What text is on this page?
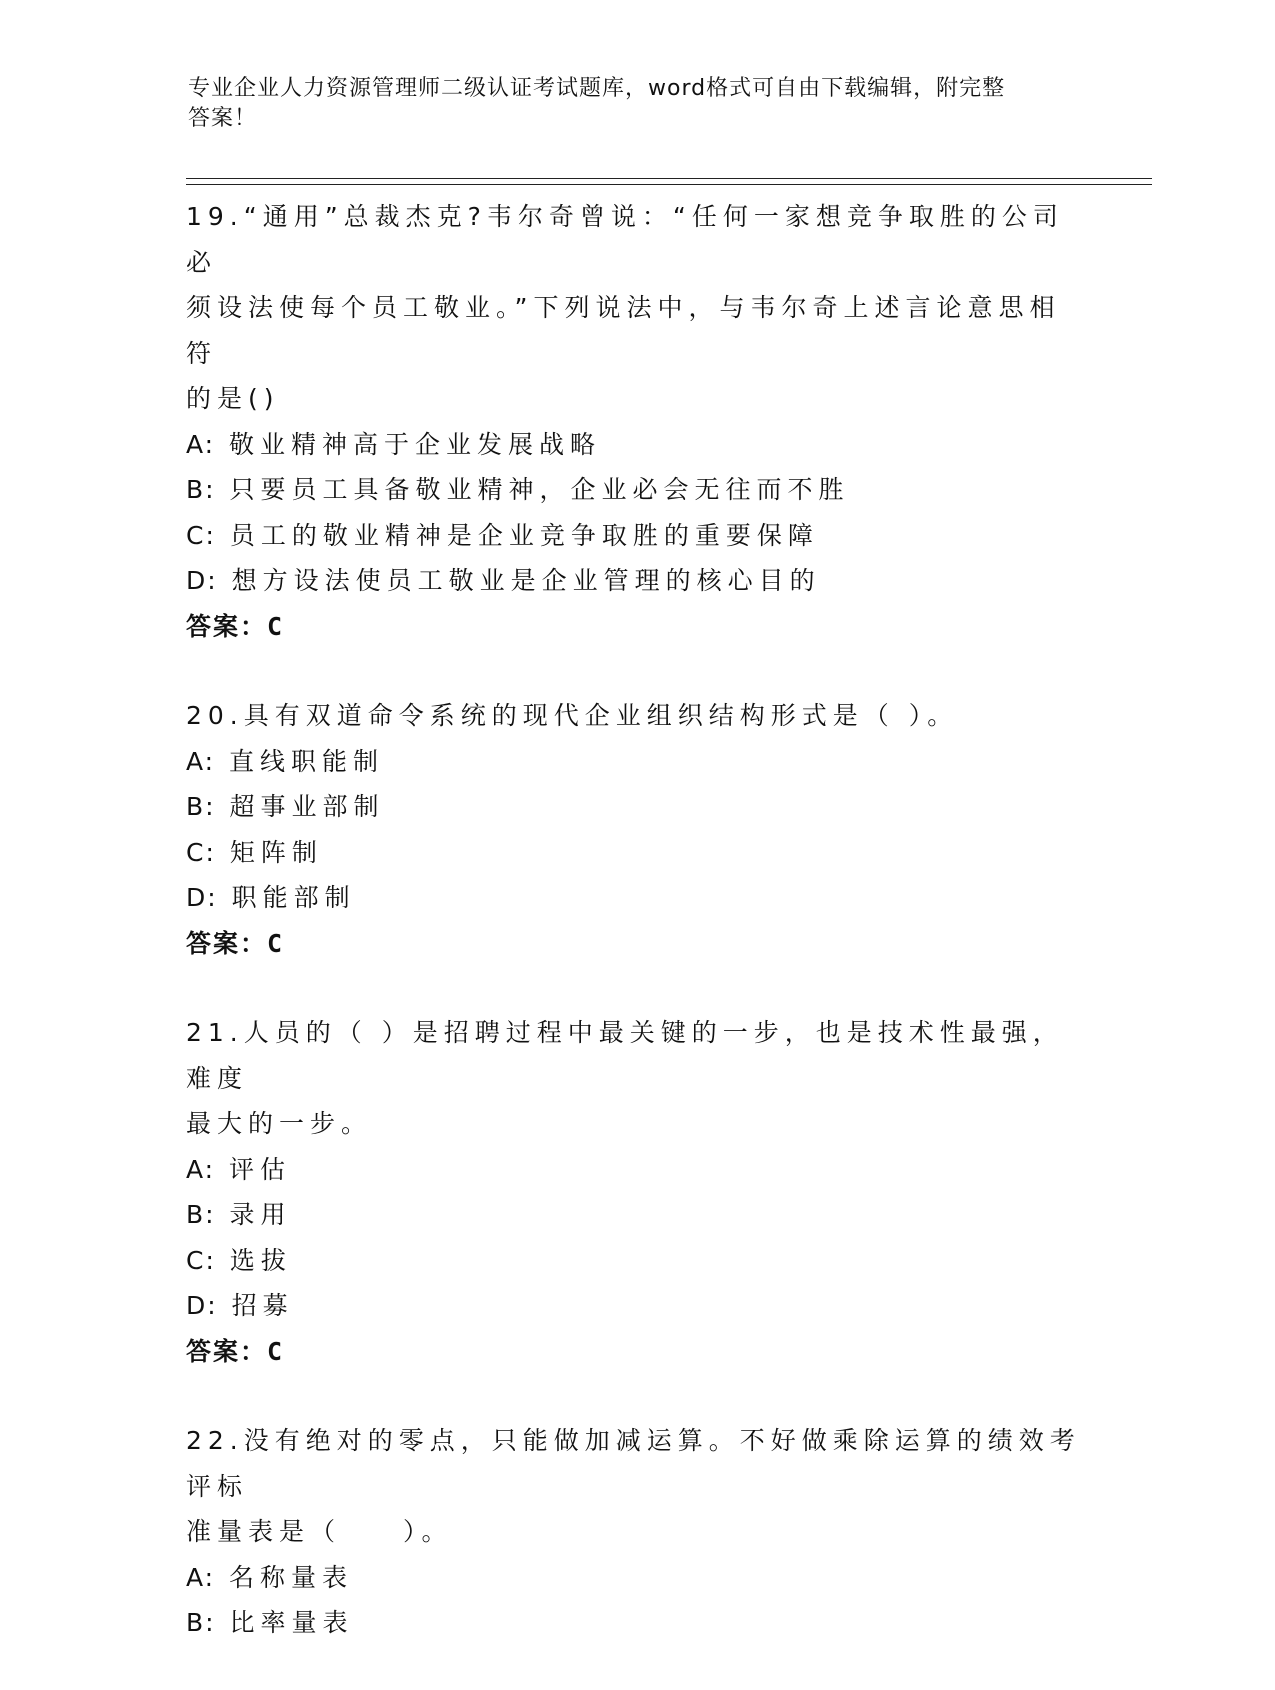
专业企业人力资源管理师二级认证考试题库，word格式可自由下载编辑，附完整
答案！

19.“通用”总裁杰克?韦尔奇曾说：“任何一家想竞争取胜的公司必

须设法使每个员工敬业。”下列说法中，与韦尔奇上述言论意思相符

的是()

A: 敬业精神高于企业发展战略

B: 只要员工具备敬业精神，企业必会无往而不胜

C: 员工的敬业精神是企业竞争取胜的重要保障

D: 想方设法使员工敬业是企业管理的核心目的

答案：C

20.具有双道命令系统的现代企业组织结构形式是（ ）。

A: 直线职能制

B: 超事业部制

C: 矩阵制

D: 职能部制

答案：C

21.人员的（ ）是招聘过程中最关键的一步，也是技术性最强，难度

最大的一步。

A: 评估

B: 录用

C: 选拔

D: 招募

答案：C

22.没有绝对的零点，只能做加减运算。不好做乘除运算的绩效考评标

准量表是（　　）。

A: 名称量表

B: 比率量表
